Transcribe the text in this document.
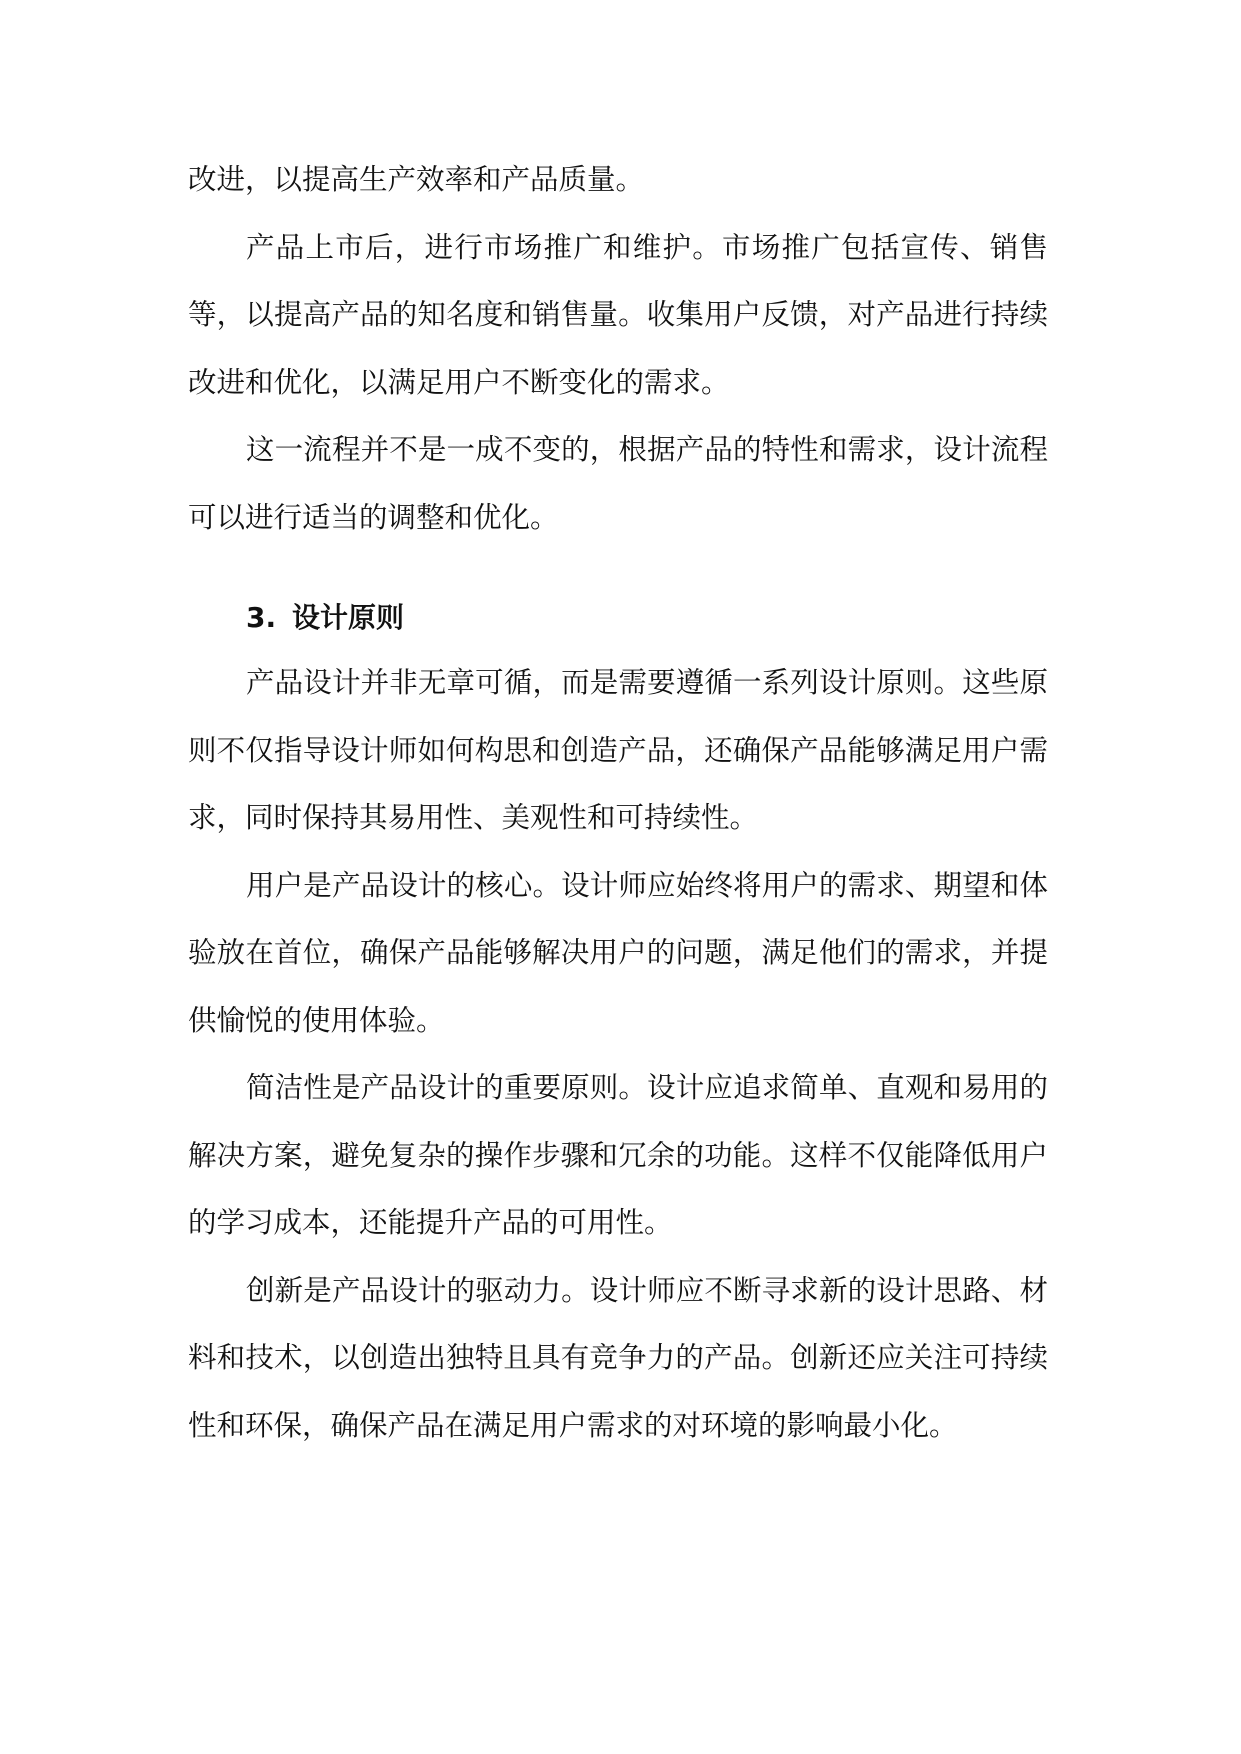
改进，以提高生产效率和产品质量。

产品上市后，进行市场推广和维护。市场推广包括宣传、销售等，以提高产品的知名度和销售量。收集用户反馈，对产品进行持续改进和优化，以满足用户不断变化的需求。

这一流程并不是一成不变的，根据产品的特性和需求，设计流程可以进行适当的调整和优化。

3. 设计原则

产品设计并非无章可循，而是需要遵循一系列设计原则。这些原则不仅指导设计师如何构思和创造产品，还确保产品能够满足用户需求，同时保持其易用性、美观性和可持续性。

用户是产品设计的核心。设计师应始终将用户的需求、期望和体验放在首位，确保产品能够解决用户的问题，满足他们的需求，并提供愉悦的使用体验。

简洁性是产品设计的重要原则。设计应追求简单、直观和易用的解决方案，避免复杂的操作步骤和冗余的功能。这样不仅能降低用户的学习成本，还能提升产品的可用性。

创新是产品设计的驱动力。设计师应不断寻求新的设计思路、材料和技术，以创造出独特且具有竞争力的产品。创新还应关注可持续性和环保，确保产品在满足用户需求的对环境的影响最小化。
